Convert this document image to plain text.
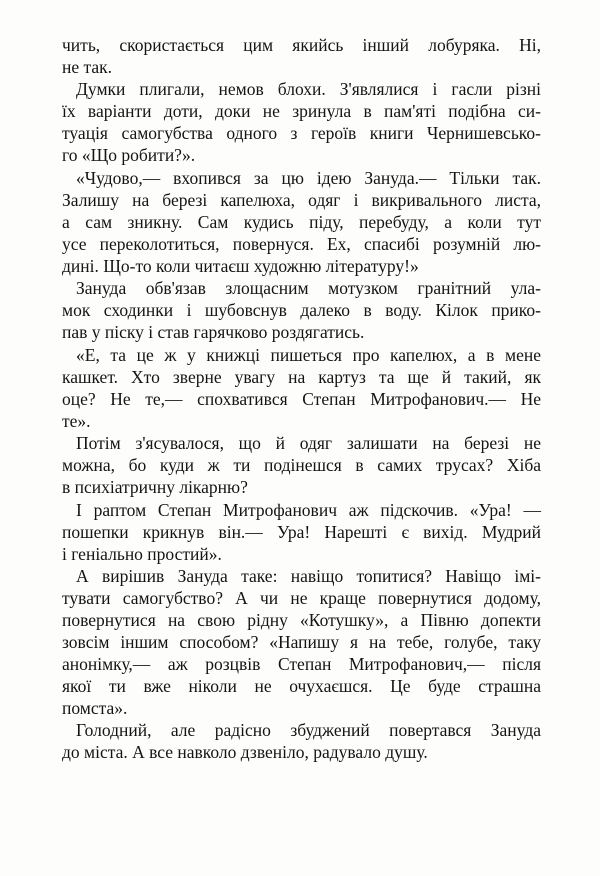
чить, скористається цим якийсь інший лобуряка. Ні,
не так.
Думки плигали, немов блохи. З'являлися і гасли різні
їх варіанти доти, доки не зринула в пам'яті подібна си-
туація самогубства одного з героїв книги Чернишевсько-
го «Що робити?».
«Чудово,— вхопився за цю ідею Зануда.— Тільки так.
Залишу на березі капелюха, одяг і викривального листа,
а сам зникну. Сам кудись піду, перебуду, а коли тут
усе переколотиться, повернуся. Ех, спасибі розумній лю-
дині. Що-то коли читаєш художню літературу!»
Зануда обв'язав злощасним мотузком гранітний ула-
мок сходинки і шубовснув далеко в воду. Кілок прико-
пав у піску і став гарячково роздягатись.
«Е, та це ж у книжці пишеться про капелюх, а в мене
кашкет. Хто зверне увагу на картуз та ще й такий, як
оце? Не те,— спохватився Степан Митрофанович.— Не
те».
Потім з'ясувалося, що й одяг залишати на березі не
можна, бо куди ж ти подінешся в самих трусах? Хіба
в психіатричну лікарню?
І раптом Степан Митрофанович аж підскочив. «Ура! —
пошепки крикнув він.— Ура! Нарешті є вихід. Мудрий
і геніально простий».
А вирішив Зануда таке: навіщо топитися? Навіщо імі-
тувати самогубство? А чи не краще повернутися додому,
повернутися на свою рідну «Котушку», а Півню допекти
зовсім іншим способом? «Напишу я на тебе, голубе, таку
анонімку,— аж розцвів Степан Митрофанович,— після
якої ти вже ніколи не очухаєшся. Це буде страшна
помста».
Голодний, але радісно збуджений повертався Зануда
до міста. А все навколо дзвеніло, радувало душу.
